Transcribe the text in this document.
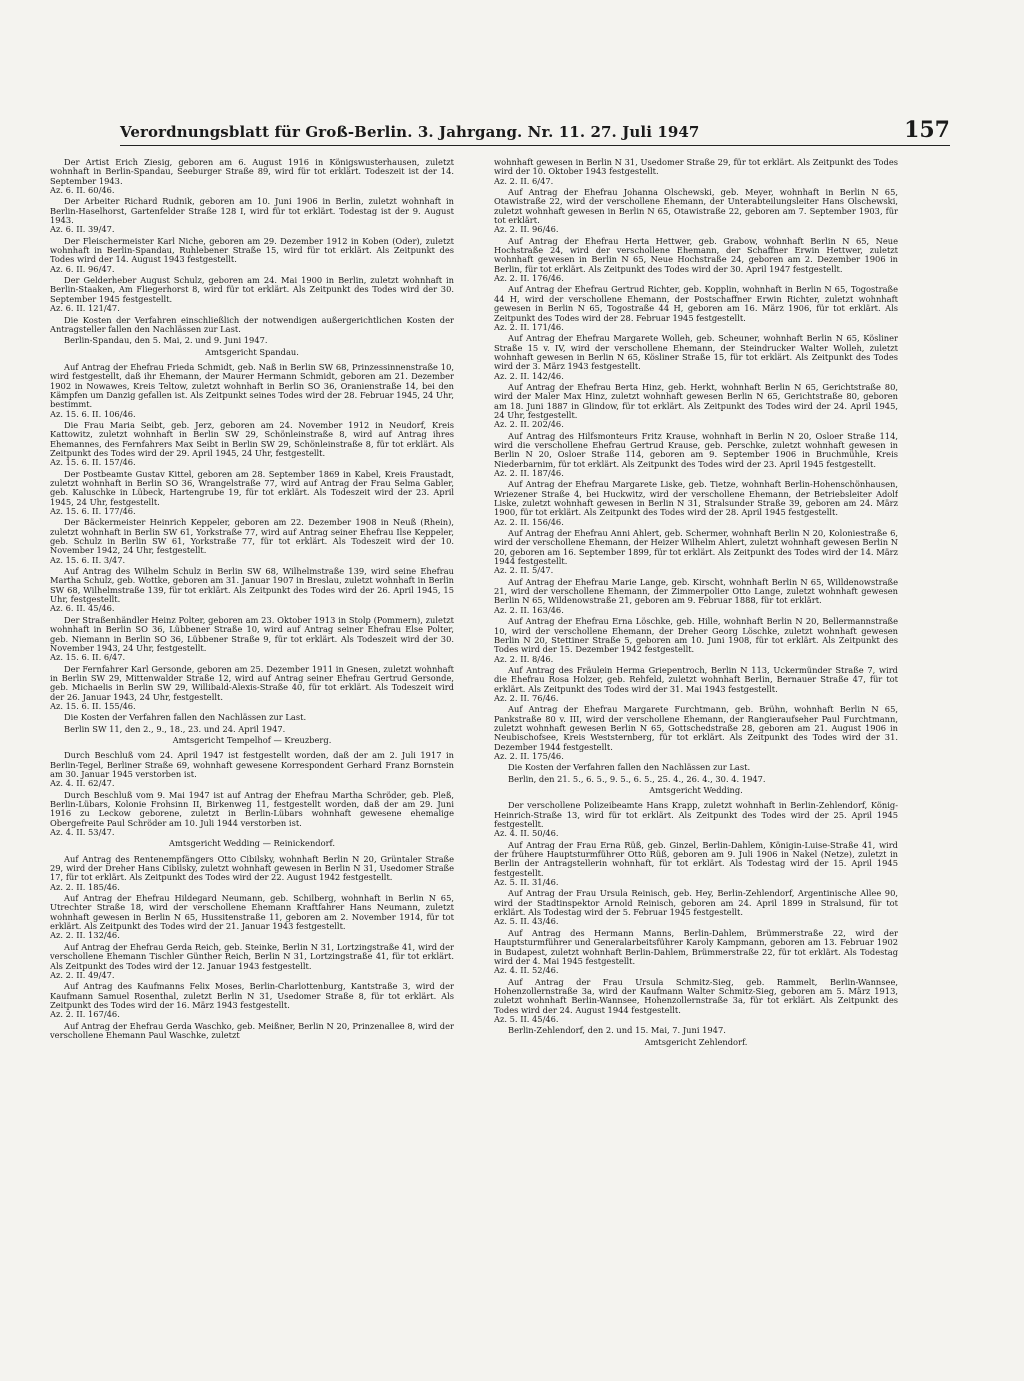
Verordnungsblatt für Groß-Berlin. 3. Jahrgang. Nr. 11. 27. Juli 1947	157

Der Artist Erich Ziesig, geboren am 6. August 1916 in Königswusterhausen, zuletzt wohnhaft in Berlin-Spandau, Seeburger Straße 89, wird für tot erklärt. Todeszeit ist der 14. September 1943.

Az. 6. II. 60/46.

Der Arbeiter Richard Rudnik, geboren am 10. Juni 1906 in Berlin, zuletzt wohnhaft in Berlin-Haselhorst, Gartenfelder Straße 128 I, wird für tot erklärt. Todestag ist der 9. August 1943.

Az. 6. II. 39/47.

Der Fleischermeister Karl Niche, geboren am 29. Dezember 1912 in Koben (Oder), zuletzt wohnhaft in Berlin-Spandau, Ruhlebener Straße 15, wird für tot erklärt. Als Zeitpunkt des Todes wird der 14. August 1943 festgestellt.

Az. 6. II. 96/47.

Der Gelderheber August Schulz, geboren am 24. Mai 1900 in Berlin, zuletzt wohnhaft in Berlin-Staaken, Am Fliegerhorst 8, wird für tot erklärt. Als Zeitpunkt des Todes wird der 30. September 1945 festgestellt.

Az. 6. II. 121/47.

Die Kosten der Verfahren einschließlich der notwendigen außergerichtlichen Kosten der Antragsteller fallen den Nachlässen zur Last.

Berlin-Spandau, den 5. Mai, 2. und 9. Juni 1947.

Amtsgericht Spandau.

Auf Antrag der Ehefrau Frieda Schmidt, geb. Naß in Berlin SW 68, Prinzessinnenstraße 10, wird festgestellt, daß ihr Ehemann, der Maurer Hermann Schmidt, geboren am 21. Dezember 1902 in Nowawes, Kreis Teltow, zuletzt wohnhaft in Berlin SO 36, Oranienstraße 14, bei den Kämpfen um Danzig gefallen ist. Als Zeitpunkt seines Todes wird der 28. Februar 1945, 24 Uhr, bestimmt.

Az. 15. 6. II. 106/46.

Die Frau Maria Seibt, geb. Jerz, geboren am 24. November 1912 in Neudorf, Kreis Kattowitz, zuletzt wohnhaft in Berlin SW 29, Schönleinstraße 8, wird auf Antrag ihres Ehemannes, des Fernfahrers Max Seibt in Berlin SW 29, Schönleinstraße 8, für tot erklärt. Als Zeitpunkt des Todes wird der 29. April 1945, 24 Uhr, festgestellt.

Az. 15. 6. II. 157/46.

Der Postbeamte Gustav Kittel, geboren am 28. September 1869 in Kabel, Kreis Fraustadt, zuletzt wohnhaft in Berlin SO 36, Wrangelstraße 77, wird auf Antrag der Frau Selma Gabler, geb. Kaluschke in Lübeck, Hartengrube 19, für tot erklärt. Als Todeszeit wird der 23. April 1945, 24 Uhr, festgestellt.

Az. 15. 6. II. 177/46.

Der Bäckermeister Heinrich Keppeler, geboren am 22. Dezember 1908 in Neuß (Rhein), zuletzt wohnhaft in Berlin SW 61, Yorkstraße 77, wird auf Antrag seiner Ehefrau Ilse Keppeler, geb. Schulz in Berlin SW 61, Yorkstraße 77, für tot erklärt. Als Todeszeit wird der 10. November 1942, 24 Uhr, festgestellt.

Az. 15. 6. II. 3/47.

Auf Antrag des Wilhelm Schulz in Berlin SW 68, Wilhelmstraße 139, wird seine Ehefrau Martha Schulz, geb. Wottke, geboren am 31. Januar 1907 in Breslau, zuletzt wohnhaft in Berlin SW 68, Wilhelmstraße 139, für tot erklärt. Als Zeitpunkt des Todes wird der 26. April 1945, 15 Uhr, festgestellt.

Az. 6. II. 45/46.

Der Straßenhändler Heinz Polter, geboren am 23. Oktober 1913 in Stolp (Pommern), zuletzt wohnhaft in Berlin SO 36, Lübbener Straße 10, wird auf Antrag seiner Ehefrau Else Polter, geb. Niemann in Berlin SO 36, Lübbener Straße 9, für tot erklärt. Als Todeszeit wird der 30. November 1943, 24 Uhr, festgestellt.

Az. 15. 6. II. 6/47.

Der Fernfahrer Karl Gersonde, geboren am 25. Dezember 1911 in Gnesen, zuletzt wohnhaft in Berlin SW 29, Mittenwalder Straße 12, wird auf Antrag seiner Ehefrau Gertrud Gersonde, geb. Michaelis in Berlin SW 29, Willibald-Alexis-Straße 40, für tot erklärt. Als Todeszeit wird der 26. Januar 1943, 24 Uhr, festgestellt.

Az. 15. 6. II. 155/46.

Die Kosten der Verfahren fallen den Nachlässen zur Last.

Berlin SW 11, den 2., 9., 18., 23. und 24. April 1947.

Amtsgericht Tempelhof — Kreuzberg.

Durch Beschluß vom 24. April 1947 ist festgestellt worden, daß der am 2. Juli 1917 in Berlin-Tegel, Berliner Straße 69, wohnhaft gewesene Korrespondent Gerhard Franz Bornstein am 30. Januar 1945 verstorben ist.

Az. 4. II. 62/47.

Durch Beschluß vom 9. Mai 1947 ist auf Antrag der Ehefrau Martha Schröder, geb. Pleß, Berlin-Lübars, Kolonie Frohsinn II, Birkenweg 11, festgestellt worden, daß der am 29. Juni 1916 zu Leckow geborene, zuletzt in Berlin-Lübars wohnhaft gewesene ehemalige Obergefreite Paul Schröder am 10. Juli 1944 verstorben ist.

Az. 4. II. 53/47.

Amtsgericht Wedding — Reinickendorf.

Auf Antrag des Rentenempfängers Otto Cibilsky, wohnhaft Berlin N 20, Grüntaler Straße 29, wird der Dreher Hans Cibilsky, zuletzt wohnhaft gewesen in Berlin N 31, Usedomer Straße 17, für tot erklärt. Als Zeitpunkt des Todes wird der 22. August 1942 festgestellt.

Az. 2. II. 185/46.

Auf Antrag der Ehefrau Hildegard Neumann, geb. Schilberg, wohnhaft in Berlin N 65, Utrechter Straße 18, wird der verschollene Ehemann Kraftfahrer Hans Neumann, zuletzt wohnhaft gewesen in Berlin N 65, Hussitenstraße 11, geboren am 2. November 1914, für tot erklärt. Als Zeitpunkt des Todes wird der 21. Januar 1943 festgestellt.

Az. 2. II. 132/46.

Auf Antrag der Ehefrau Gerda Reich, geb. Steinke, Berlin N 31, Lortzingstraße 41, wird der verschollene Ehemann Tischler Günther Reich, Berlin N 31, Lortzingstraße 41, für tot erklärt. Als Zeitpunkt des Todes wird der 12. Januar 1943 festgestellt.

Az. 2. II. 49/47.

Auf Antrag des Kaufmanns Felix Moses, Berlin-Charlottenburg, Kantstraße 3, wird der Kaufmann Samuel Rosenthal, zuletzt Berlin N 31, Usedomer Straße 8, für tot erklärt. Als Zeitpunkt des Todes wird der 16. März 1943 festgestellt.

Az. 2. II. 167/46.

Auf Antrag der Ehefrau Gerda Waschko, geb. Meißner, Berlin N 20, Prinzenallee 8, wird der verschollene Ehemann Paul Waschke, zuletzt

wohnhaft gewesen in Berlin N 31, Usedomer Straße 29, für tot erklärt. Als Zeitpunkt des Todes wird der 10. Oktober 1943 festgestellt.

Az. 2. II. 6/47.

Auf Antrag der Ehefrau Johanna Olschewski, geb. Meyer, wohnhaft in Berlin N 65, Otawistraße 22, wird der verschollene Ehemann, der Unterabteilungsleiter Hans Olschewski, zuletzt wohnhaft gewesen in Berlin N 65, Otawistraße 22, geboren am 7. September 1903, für tot erklärt.

Az. 2. II. 96/46.

Auf Antrag der Ehefrau Herta Hettwer, geb. Grabow, wohnhaft Berlin N 65, Neue Hochstraße 24, wird der verschollene Ehemann, der Schaffner Erwin Hettwer, zuletzt wohnhaft gewesen in Berlin N 65, Neue Hochstraße 24, geboren am 2. Dezember 1906 in Berlin, für tot erklärt. Als Zeitpunkt des Todes wird der 30. April 1947 festgestellt.

Az. 2. II. 176/46.

Auf Antrag der Ehefrau Gertrud Richter, geb. Kopplin, wohnhaft in Berlin N 65, Togostraße 44 H, wird der verschollene Ehemann, der Postschaffner Erwin Richter, zuletzt wohnhaft gewesen in Berlin N 65, Togostraße 44 H, geboren am 16. März 1906, für tot erklärt. Als Zeitpunkt des Todes wird der 28. Februar 1945 festgestellt.

Az. 2. II. 171/46.

Auf Antrag der Ehefrau Margarete Wolleh, geb. Scheuner, wohnhaft Berlin N 65, Kösliner Straße 15 v. IV, wird der verschollene Ehemann, der Steindrucker Walter Wolleh, zuletzt wohnhaft gewesen in Berlin N 65, Kösliner Straße 15, für tot erklärt. Als Zeitpunkt des Todes wird der 3. März 1943 festgestellt.

Az. 2. II. 142/46.

Auf Antrag der Ehefrau Berta Hinz, geb. Herkt, wohnhaft Berlin N 65, Gerichtstraße 80, wird der Maler Max Hinz, zuletzt wohnhaft gewesen Berlin N 65, Gerichtstraße 80, geboren am 18. Juni 1887 in Glindow, für tot erklärt. Als Zeitpunkt des Todes wird der 24. April 1945, 24 Uhr, festgestellt.

Az. 2. II. 202/46.

Auf Antrag des Hilfsmonteurs Fritz Krause, wohnhaft in Berlin N 20, Osloer Straße 114, wird die verschollene Ehefrau Gertrud Krause, geb. Perschke, zuletzt wohnhaft gewesen in Berlin N 20, Osloer Straße 114, geboren am 9. September 1906 in Bruchmühle, Kreis Niederbarnim, für tot erklärt. Als Zeitpunkt des Todes wird der 23. April 1945 festgestellt.

Az. 2. II. 187/46.

Auf Antrag der Ehefrau Margarete Liske, geb. Tietze, wohnhaft Berlin-Hohenschönhausen, Wriezener Straße 4, bei Huckwitz, wird der verschollene Ehemann, der Betriebsleiter Adolf Liske, zuletzt wohnhaft gewesen in Berlin N 31, Stralsunder Straße 39, geboren am 24. März 1900, für tot erklärt. Als Zeitpunkt des Todes wird der 28. April 1945 festgestellt.

Az. 2. II. 156/46.

Auf Antrag der Ehefrau Anni Ahlert, geb. Schermer, wohnhaft Berlin N 20, Koloniestraße 6, wird der verschollene Ehemann, der Heizer Wilhelm Ahlert, zuletzt wohnhaft gewesen Berlin N 20, geboren am 16. September 1899, für tot erklärt. Als Zeitpunkt des Todes wird der 14. März 1944 festgestellt.

Az. 2. II. 5/47.

Auf Antrag der Ehefrau Marie Lange, geb. Kirscht, wohnhaft Berlin N 65, Willdenowstraße 21, wird der verschollene Ehemann, der Zimmerpolier Otto Lange, zuletzt wohnhaft gewesen Berlin N 65, Wildenowstraße 21, geboren am 9. Februar 1888, für tot erklärt.

Az. 2. II. 163/46.

Auf Antrag der Ehefrau Erna Löschke, geb. Hille, wohnhaft Berlin N 20, Bellermannstraße 10, wird der verschollene Ehemann, der Dreher Georg Löschke, zuletzt wohnhaft gewesen Berlin N 20, Stettiner Straße 5, geboren am 10. Juni 1908, für tot erklärt. Als Zeitpunkt des Todes wird der 15. Dezember 1942 festgestellt.

Az. 2. II. 8/46.

Auf Antrag des Fräulein Herma Griepentroch, Berlin N 113, Uckermünder Straße 7, wird die Ehefrau Rosa Holzer, geb. Rehfeld, zuletzt wohnhaft Berlin, Bernauer Straße 47, für tot erklärt. Als Zeitpunkt des Todes wird der 31. Mai 1943 festgestellt.

Az. 2. II. 76/46.

Auf Antrag der Ehefrau Margarete Furchtmann, geb. Brühn, wohnhaft Berlin N 65, Pankstraße 80 v. III, wird der verschollene Ehemann, der Rangieraufseher Paul Furchtmann, zuletzt wohnhaft gewesen Berlin N 65, Gottschedstraße 28, geboren am 21. August 1906 in Neubischofsee, Kreis Weststernberg, für tot erklärt. Als Zeitpunkt des Todes wird der 31. Dezember 1944 festgestellt.

Az. 2. II. 175/46.

Die Kosten der Verfahren fallen den Nachlässen zur Last.

Berlin, den 21. 5., 6. 5., 9. 5., 6. 5., 25. 4., 26. 4., 30. 4. 1947.

Amtsgericht Wedding.

Der verschollene Polizeibeamte Hans Krapp, zuletzt wohnhaft in Berlin-Zehlendorf, König-Heinrich-Straße 13, wird für tot erklärt. Als Zeitpunkt des Todes wird der 25. April 1945 festgestellt.

Az. 4. II. 50/46.

Auf Antrag der Frau Erna Rüß, geb. Ginzel, Berlin-Dahlem, Königin-Luise-Straße 41, wird der frühere Hauptsturmführer Otto Rüß, geboren am 9. Juli 1906 in Nakel (Netze), zuletzt in Berlin der Antragstellerin wohnhaft, für tot erklärt. Als Todestag wird der 15. April 1945 festgestellt.

Az. 5. II. 31/46.

Auf Antrag der Frau Ursula Reinisch, geb. Hey, Berlin-Zehlendorf, Argentinische Allee 90, wird der Stadtinspektor Arnold Reinisch, geboren am 24. April 1899 in Stralsund, für tot erklärt. Als Todestag wird der 5. Februar 1945 festgestellt.

Az. 5. II. 43/46.

Auf Antrag des Hermann Manns, Berlin-Dahlem, Brümmerstraße 22, wird der Hauptsturmführer und Generalarbeitsführer Karoly Kampmann, geboren am 13. Februar 1902 in Budapest, zuletzt wohnhaft Berlin-Dahlem, Brümmerstraße 22, für tot erklärt. Als Todestag wird der 4. Mai 1945 festgestellt.

Az. 4. II. 52/46.

Auf Antrag der Frau Ursula Schmitz-Sieg, geb. Rammelt, Berlin-Wannsee, Hohenzollernstraße 3a, wird der Kaufmann Walter Schmitz-Sieg, geboren am 5. März 1913, zuletzt wohnhaft Berlin-Wannsee, Hohenzollernstraße 3a, für tot erklärt. Als Zeitpunkt des Todes wird der 24. August 1944 festgestellt.

Az. 5. II. 45/46.

Berlin-Zehlendorf, den 2. und 15. Mai, 7. Juni 1947.

Amtsgericht Zehlendorf.
